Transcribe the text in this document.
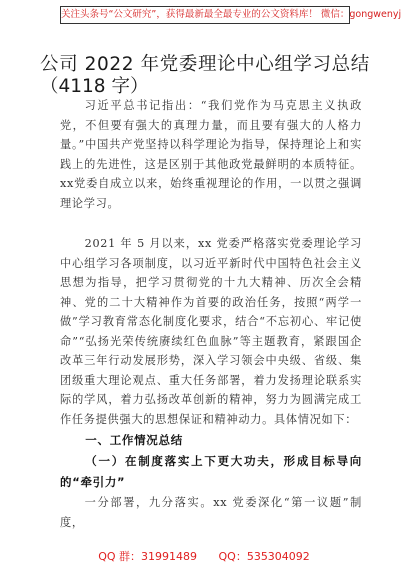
关注头条号“公文研究”，获得最新最全最专业的公文资料库！ 微信：gongwenyj
公司 2022 年党委理论中心组学习总结
（4118 字）

习近平总书记指出：“我们党作为马克思主义执政党，不但要有强大的真理力量，而且要有强大的人格力量。”中国共产党坚持以科学理论为指导，保持理论上和实践上的先进性，这是区别于其他政党最鲜明的本质特征。xx党委自成立以来，始终重视理论的作用，一以贯之强调理论学习。

2021 年 5 月以来，xx 党委严格落实党委理论学习中心组学习各项制度，以习近平新时代中国特色社会主义思想为指导，把学习贯彻党的十九大精神、历次全会精神、党的二十大精神作为首要的政治任务，按照“两学一做”学习教育常态化制度化要求，结合“不忘初心、牢记使命”“弘扬光荣传统赓续红色血脉”等主题教育，紧跟国企改革三年行动发展形势，深入学习领会中央级、省级、集团级重大理论观点、重大任务部署，着力发扬理论联系实际的学风，着力弘扬改革创新的精神，努力为圆满完成工作任务提供强大的思想保证和精神动力。具体情况如下：

一、工作情况总结
（一）在制度落实上下更大功夫，形成目标导向的“牵引力”

一分部署，九分落实。xx 党委深化“第一议题”制度，

QQ 群：31991489 QQ：535304092
